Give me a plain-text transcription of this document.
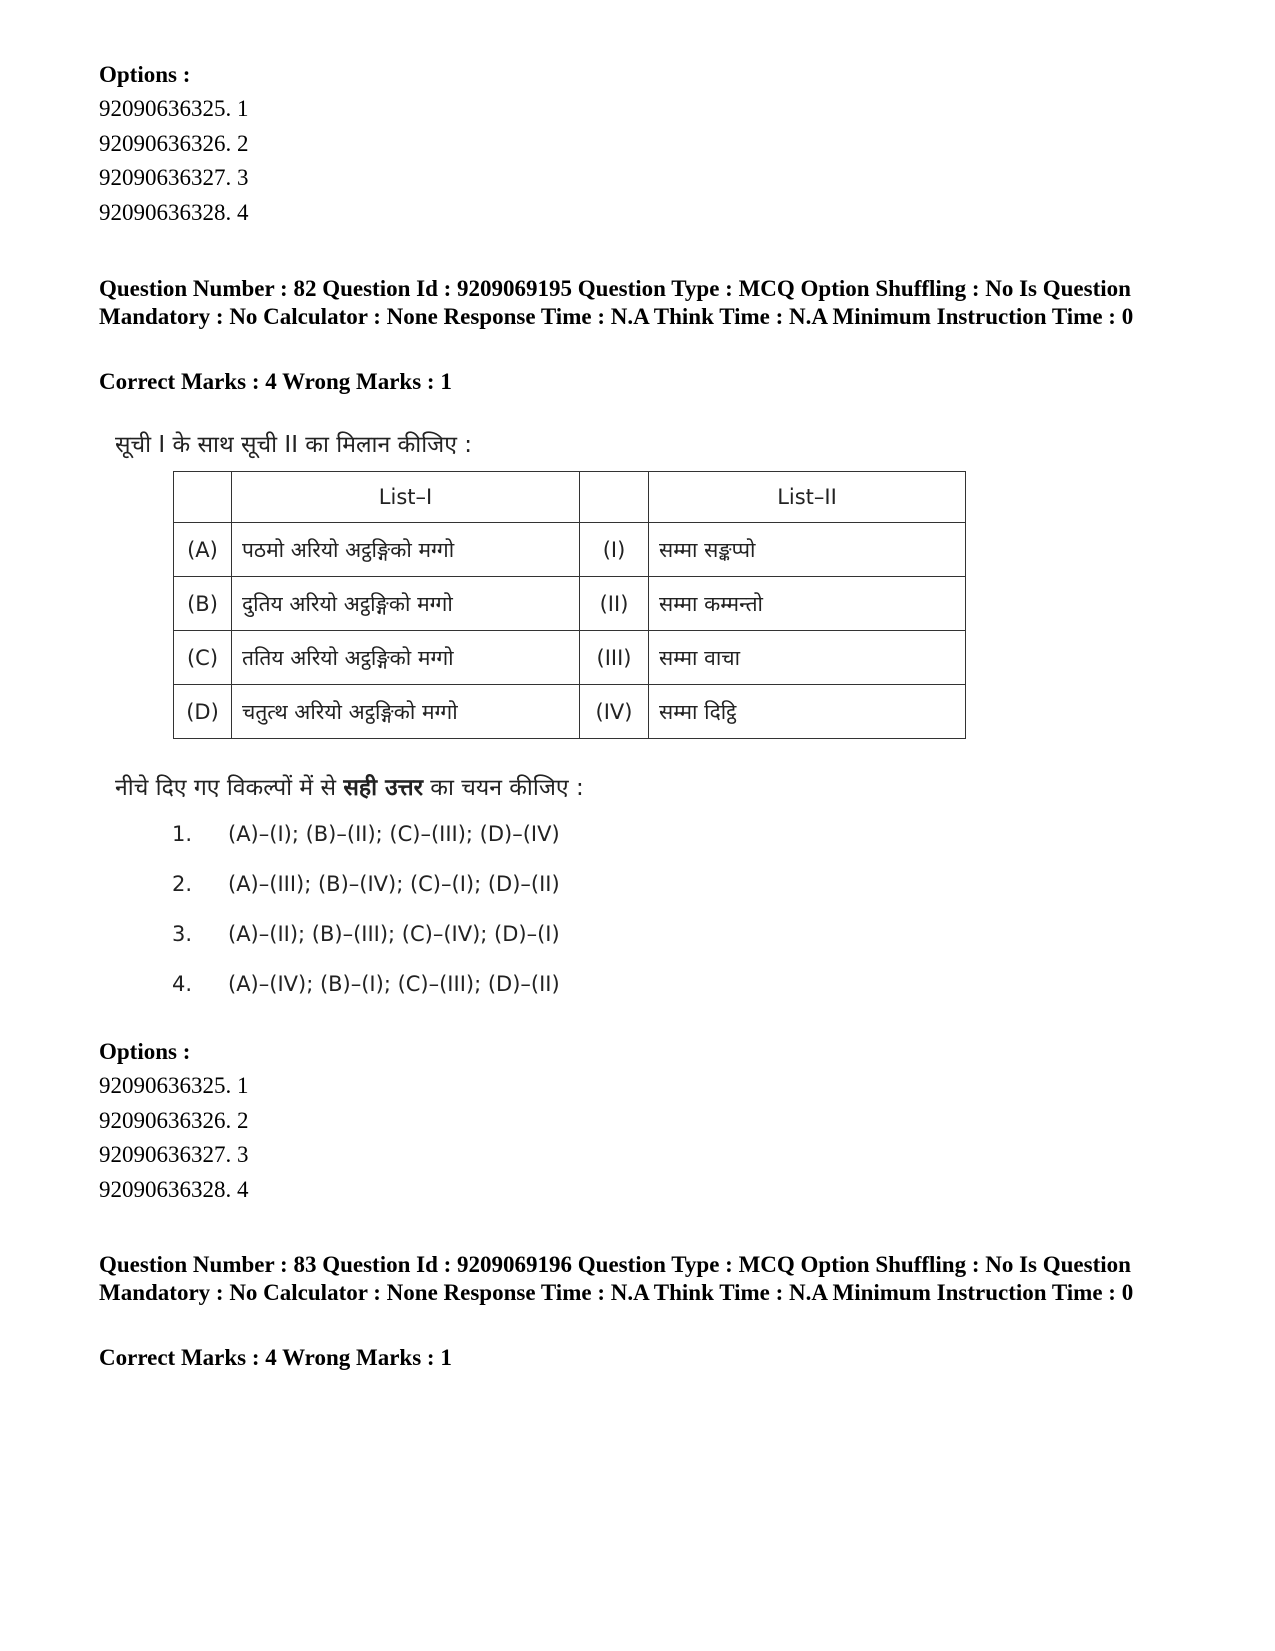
Options :
92090636325. 1
92090636326. 2
92090636327. 3
92090636328. 4
Question Number : 82 Question Id : 9209069195 Question Type : MCQ Option Shuffling : No Is Question Mandatory : No Calculator : None Response Time : N.A Think Time : N.A Minimum Instruction Time : 0
Correct Marks : 4 Wrong Marks : 1
सूची I के साथ सूची II का मिलान कीजिए :
	List–I		List–II
(A)	पठमो अरियो अट्ठङ्गिको मग्गो	(I)	सम्मा सङ्कप्पो
(B)	दुतिय अरियो अट्ठङ्गिको मग्गो	(II)	सम्मा कम्मन्तो
(C)	ततिय अरियो अट्ठङ्गिको मग्गो	(III)	सम्मा वाचा
(D)	चतुत्थ अरियो अट्ठङ्गिको मग्गो	(IV)	सम्मा दिट्ठि
नीचे दिए गए विकल्पों में से सही उत्तर का चयन कीजिए :
1. (A)–(I); (B)–(II); (C)–(III); (D)–(IV)
2. (A)–(III); (B)–(IV); (C)–(I); (D)–(II)
3. (A)–(II); (B)–(III); (C)–(IV); (D)–(I)
4. (A)–(IV); (B)–(I); (C)–(III); (D)–(II)
Options :
92090636325. 1
92090636326. 2
92090636327. 3
92090636328. 4
Question Number : 83 Question Id : 9209069196 Question Type : MCQ Option Shuffling : No Is Question Mandatory : No Calculator : None Response Time : N.A Think Time : N.A Minimum Instruction Time : 0
Correct Marks : 4 Wrong Marks : 1
